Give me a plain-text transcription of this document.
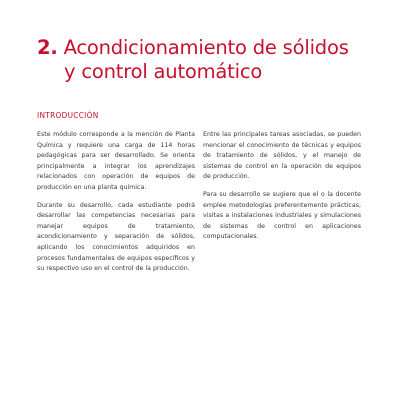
2. Acondicionamiento de sólidos
y control automático
INTRODUCCIÓN

Este módulo corresponde a la mención de Planta Química y requiere una carga de 114 horas pedagógicas para ser desarrollado. Se orienta principalmente a integrar los aprendizajes relacionados con operación de equipos de producción en una planta química.

Durante su desarrollo, cada estudiante podrá desarrollar las competencias necesarias para manejar equipos de tratamiento, acondicionamiento y separación de sólidos, aplicando los conocimientos adquiridos en procesos fundamentales de equipos específicos y su respectivo uso en el control de la producción.

Entre las principales tareas asociadas, se pueden mencionar el conocimiento de técnicas y equipos de tratamiento de sólidos, y el manejo de sistemas de control en la operación de equipos de producción.

Para su desarrollo se sugiere que el o la docente emplee metodologías preferentemente prácticas, visitas a instalaciones industriales y simulaciones de sistemas de control en aplicaciones computacionales.
